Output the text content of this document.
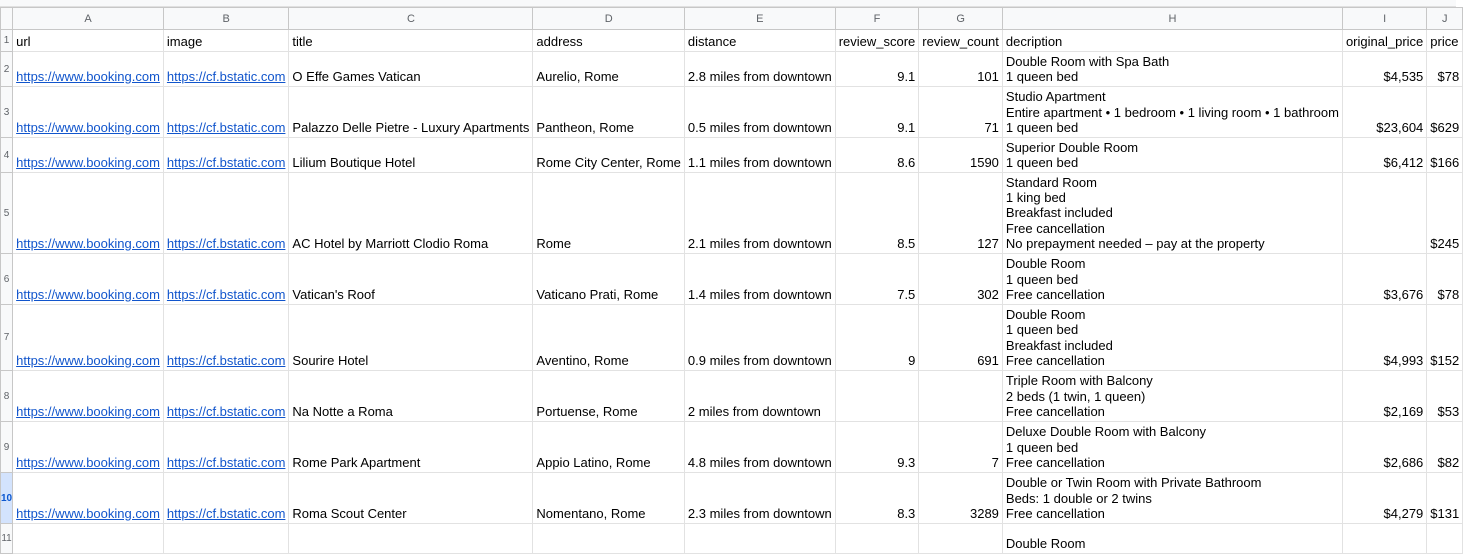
	A	B	C	D	E	F	G	H	I	J
1	url	image	title	address	distance	review_score	review_count	decription	original_price	price
2	https://www.booking.com	https://cf.bstatic.com	O Effe Games Vatican	Aurelio, Rome	2.8 miles from downtown	9.1	101	Double Room with Spa Bath
1 queen bed	$4,535	$78
3	https://www.booking.com	https://cf.bstatic.com	Palazzo Delle Pietre - Luxury Apartments	Pantheon, Rome	0.5 miles from downtown	9.1	71	Studio Apartment
Entire apartment • 1 bedroom • 1 living room • 1 bathroom
1 queen bed	$23,604	$629
4	https://www.booking.com	https://cf.bstatic.com	Lilium Boutique Hotel	Rome City Center, Rome	1.1 miles from downtown	8.6	1590	Superior Double Room
1 queen bed	$6,412	$166
5	https://www.booking.com	https://cf.bstatic.com	AC Hotel by Marriott Clodio Roma	Rome	2.1 miles from downtown	8.5	127	Standard Room
1 king bed
Breakfast included
Free cancellation
No prepayment needed – pay at the property		$245
6	https://www.booking.com	https://cf.bstatic.com	Vatican's Roof	Vaticano Prati, Rome	1.4 miles from downtown	7.5	302	Double Room
1 queen bed
Free cancellation	$3,676	$78
7	https://www.booking.com	https://cf.bstatic.com	Sourire Hotel	Aventino, Rome	0.9 miles from downtown	9	691	Double Room
1 queen bed
Breakfast included
Free cancellation	$4,993	$152
8	https://www.booking.com	https://cf.bstatic.com	Na Notte a Roma	Portuense, Rome	2 miles from downtown			Triple Room with Balcony
2 beds (1 twin, 1 queen)
Free cancellation	$2,169	$53
9	https://www.booking.com	https://cf.bstatic.com	Rome Park Apartment	Appio Latino, Rome	4.8 miles from downtown	9.3	7	Deluxe Double Room with Balcony
1 queen bed
Free cancellation	$2,686	$82
10	https://www.booking.com	https://cf.bstatic.com	Roma Scout Center	Nomentano, Rome	2.3 miles from downtown	8.3	3289	Double or Twin Room with Private Bathroom
Beds: 1 double or 2 twins
Free cancellation	$4,279	$131
11								Double Room		
